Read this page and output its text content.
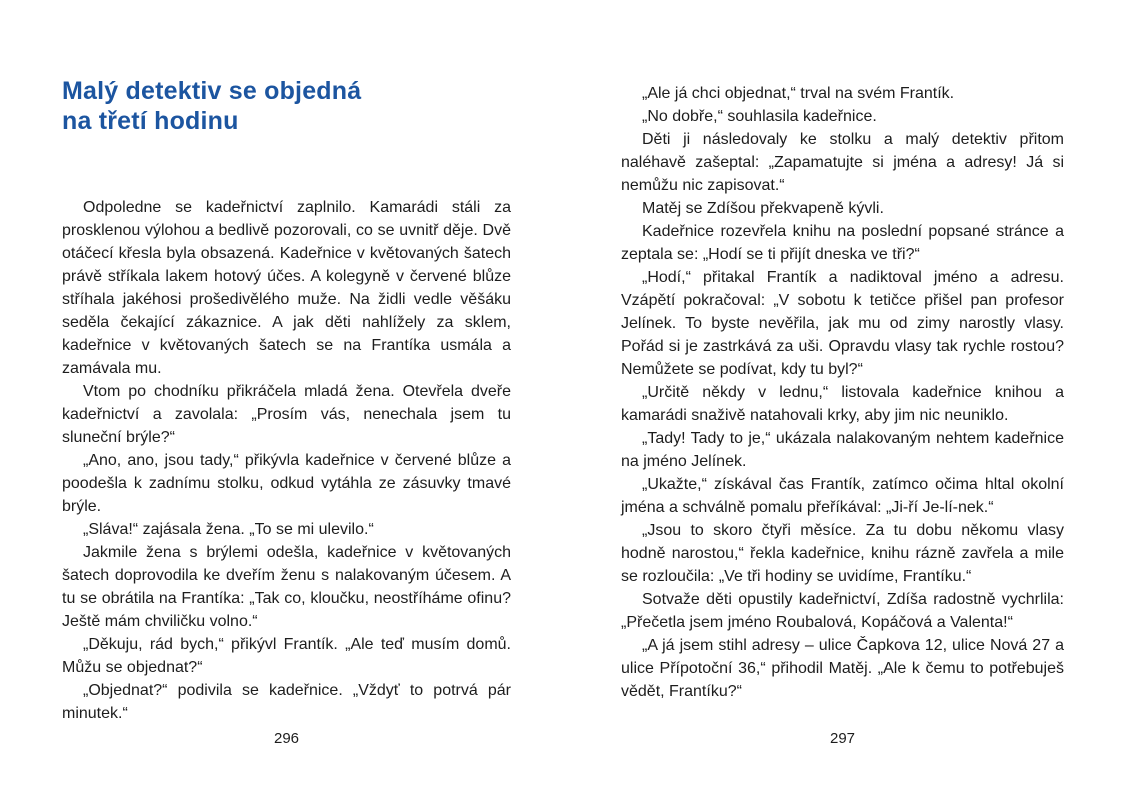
Malý detektiv se objedná
na třetí hodinu

Odpoledne se kadeřnictví zaplnilo. Kamarádi stáli za prosklenou výlohou a bedlivě pozorovali, co se uvnitř děje. Dvě otáčecí křesla byla obsazená. Kadeřnice v květovaných šatech právě stříkala lakem hotový účes. A kolegyně v červené blůze stříhala jakéhosi prošedivělého muže. Na židli vedle věšáku seděla čekající zákaznice. A jak děti nahlížely za sklem, kadeřnice v květovaných šatech se na Frantíka usmála a zamávala mu.

Vtom po chodníku přikráčela mladá žena. Otevřela dveře kadeřnictví a zavolala: „Prosím vás, nenechala jsem tu sluneční brýle?“

„Ano, ano, jsou tady,“ přikývla kadeřnice v červené blůze a poodešla k zadnímu stolku, odkud vytáhla ze zásuvky tmavé brýle.

„Sláva!“ zajásala žena. „To se mi ulevilo.“

Jakmile žena s brýlemi odešla, kadeřnice v květovaných šatech doprovodila ke dveřím ženu s nalakovaným účesem. A tu se obrátila na Frantíka: „Tak co, kloučku, neostříháme ofinu? Ještě mám chviličku volno.“

„Děkuju, rád bych,“ přikývl Frantík. „Ale teď musím domů. Můžu se objednat?“

„Objednat?“ podivila se kadeřnice. „Vždyť to potrvá pár minutek.“

296

„Ale já chci objednat,“ trval na svém Frantík.

„No dobře,“ souhlasila kadeřnice.

Děti ji následovaly ke stolku a malý detektiv přitom naléhavě zašeptal: „Zapamatujte si jména a adresy! Já si nemůžu nic zapisovat.“

Matěj se Zdíšou překvapeně kývli.

Kadeřnice rozevřela knihu na poslední popsané stránce a zeptala se: „Hodí se ti přijít dneska ve tři?“

„Hodí,“ přitakal Frantík a nadiktoval jméno a adresu. Vzápětí pokračoval: „V sobotu k tetičce přišel pan profesor Jelínek. To byste nevěřila, jak mu od zimy narostly vlasy. Pořád si je zastrkává za uši. Opravdu vlasy tak rychle rostou? Nemůžete se podívat, kdy tu byl?“

„Určitě někdy v lednu,“ listovala kadeřnice knihou a kamarádi snaživě natahovali krky, aby jim nic neuniklo.

„Tady! Tady to je,“ ukázala nalakovaným nehtem kadeřnice na jméno Jelínek.

„Ukažte,“ získával čas Frantík, zatímco očima hltal okolní jména a schválně pomalu přeříkával: „Ji-ří Je-lí-nek.“

„Jsou to skoro čtyři měsíce. Za tu dobu někomu vlasy hodně narostou,“ řekla kadeřnice, knihu rázně zavřela a mile se rozloučila: „Ve tři hodiny se uvidíme, Frantíku.“

Sotvaže děti opustily kadeřnictví, Zdíša radostně vychrlila: „Přečetla jsem jméno Roubalová, Kopáčová a Valenta!“

„A já jsem stihl adresy – ulice Čapkova 12, ulice Nová 27 a ulice Přípotoční 36,“ přihodil Matěj. „Ale k čemu to potřebuješ vědět, Frantíku?“

297
